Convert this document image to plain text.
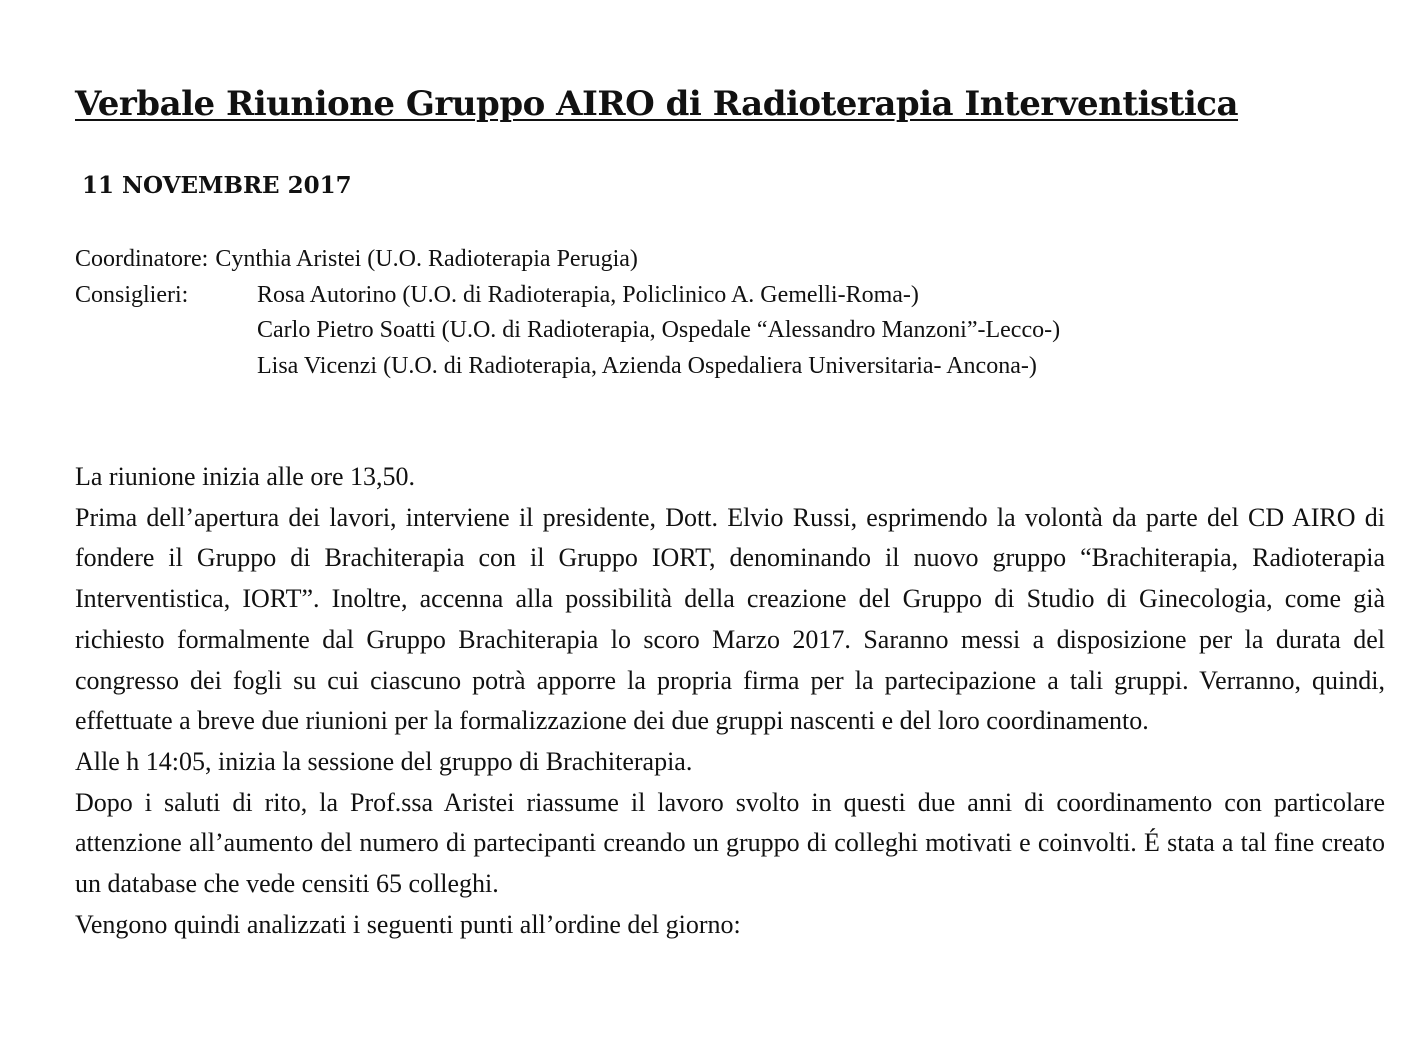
Verbale Riunione Gruppo AIRO di Radioterapia Interventistica
11 NOVEMBRE 2017
Coordinatore: Cynthia Aristei (U.O. Radioterapia Perugia)
Consiglieri:	Rosa Autorino (U.O. di Radioterapia, Policlinico A. Gemelli-Roma-)
Carlo Pietro Soatti (U.O. di Radioterapia, Ospedale “Alessandro Manzoni”-Lecco-)
Lisa Vicenzi (U.O. di Radioterapia, Azienda Ospedaliera Universitaria- Ancona-)

La riunione inizia alle ore 13,50.

Prima dell’apertura dei lavori, interviene il presidente, Dott. Elvio Russi, esprimendo la volontà da parte del CD AIRO di fondere il Gruppo di Brachiterapia con il Gruppo IORT, denominando il nuovo gruppo “Brachiterapia, Radioterapia Interventistica, IORT”. Inoltre, accenna alla possibilità della creazione del Gruppo di Studio di Ginecologia, come già richiesto formalmente dal Gruppo Brachiterapia lo scoro Marzo 2017. Saranno messi a disposizione per la durata del congresso dei fogli su cui ciascuno potrà apporre la propria firma per la partecipazione a tali gruppi. Verranno, quindi, effettuate a breve due riunioni per la formalizzazione dei due gruppi nascenti e del loro coordinamento.

Alle h 14:05, inizia la sessione del gruppo di Brachiterapia.

Dopo i saluti di rito, la Prof.ssa Aristei riassume il lavoro svolto in questi due anni di coordinamento con particolare attenzione all’aumento del numero di partecipanti creando un gruppo di colleghi motivati e coinvolti. É stata a tal fine creato un database che vede censiti 65 colleghi.

Vengono quindi analizzati i seguenti punti all’ordine del giorno:
